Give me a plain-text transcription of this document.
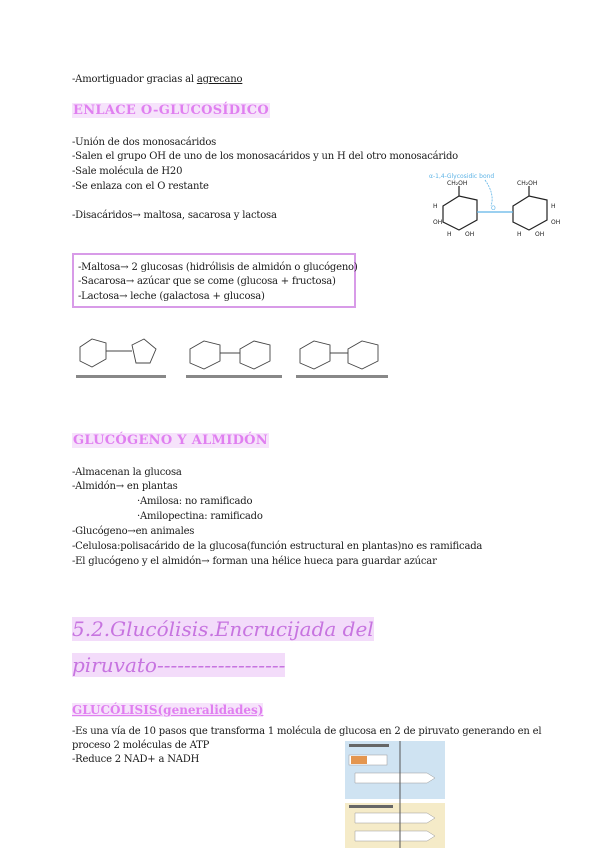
-Amortiguador gracias al agrecano
ENLACE O-GLUCOSÍDICO
-Unión de dos monosacáridos
-Salen el grupo OH de uno de los monosacáridos y un H del otro monosacárido
-Sale molécula de H20
-Se enlaza con el O restante
-Disacáridos→ maltosa, sacarosa y lactosa
α-1,4-Glycosidic bond
CH₂OH	CH₂OH
H
OH
OH
H
O
OH
H
H
OH
-Maltosa→ 2 glucosas (hidrólisis de almidón o glucógeno)
-Sacarosa→ azúcar que se come (glucosa + fructosa)
-Lactosa→ leche (galactosa + glucosa)
GLUCÓGENO Y ALMIDÓN
-Almacenan la glucosa
-Almidón→ en plantas
·Amilosa: no ramificado
·Amilopectina: ramificado
-Glucógeno→en animales
-Celulosa:polisacárido de la glucosa(función estructural en plantas)no es ramificada
-El glucógeno y el almidón→ forman una hélice hueca para guardar azúcar
5.2.Glucólisis.Encrucijada del
piruvato-------------------
GLUCÓLISIS(generalidades)
-Es una vía de 10 pasos que transforma 1 molécula de glucosa en 2 de piruvato generando en el
proceso 2 moléculas de ATP
-Reduce 2 NAD+ a NADH
